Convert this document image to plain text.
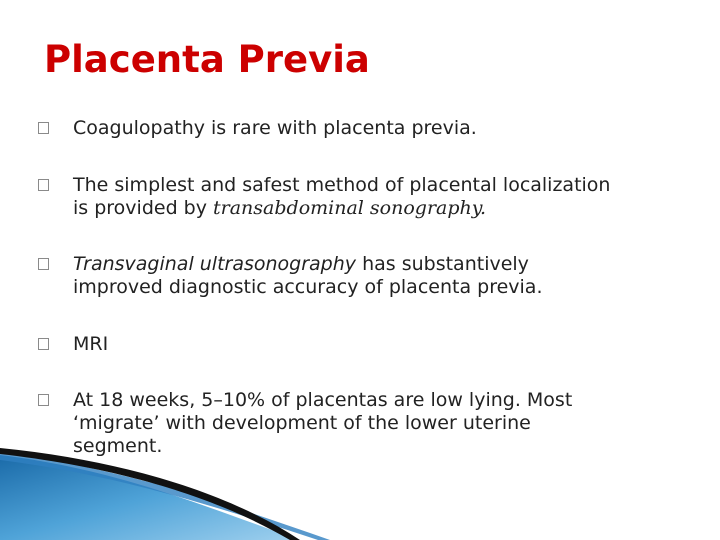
Placenta Previa
Coagulopathy is rare with placenta previa.
The simplest and safest method of placental localization
is provided by transabdominal sonography.
Transvaginal ultrasonography has substantively
improved diagnostic accuracy of placenta previa.
MRI
At 18 weeks, 5–10% of placentas are low lying. Most
‘migrate’ with development of the lower uterine
segment.
